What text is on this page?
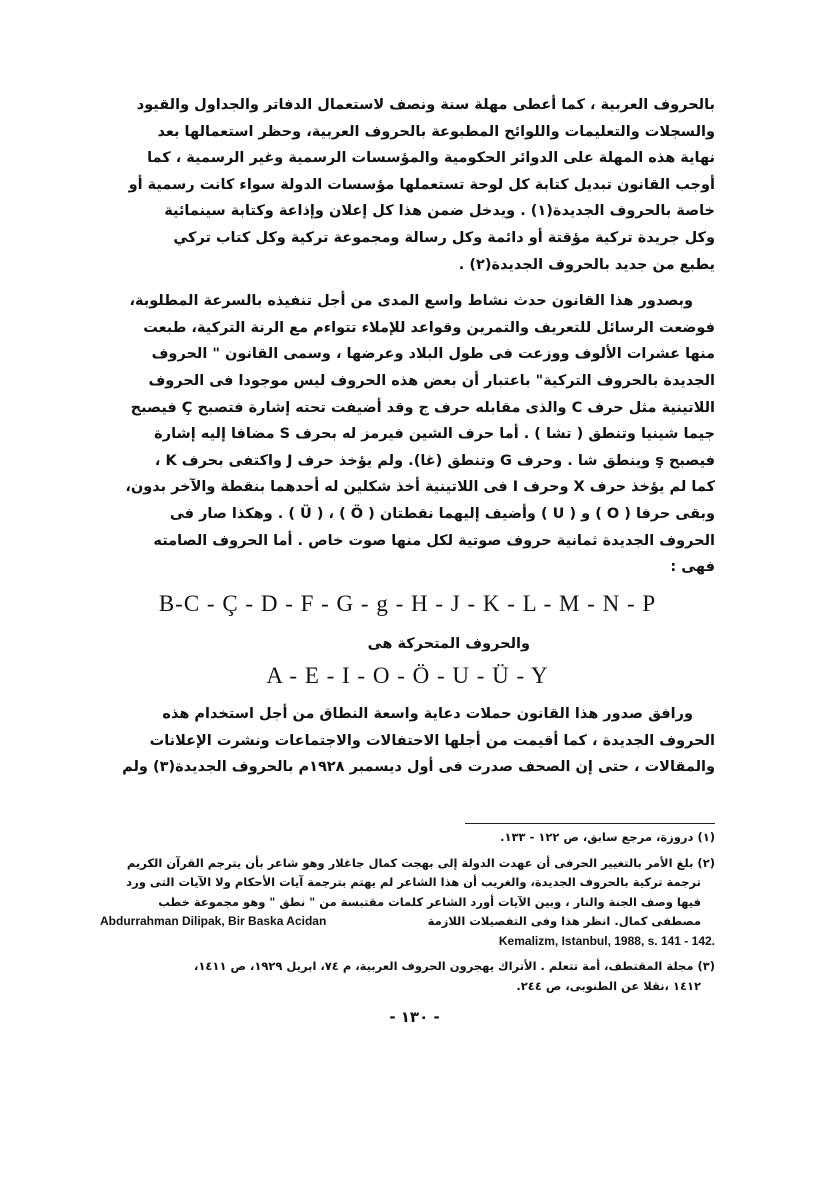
بالحروف العربية ، كما أعطى مهلة سنة ونصف لاستعمال الدفاتر والجداول والقيود
والسجلات والتعليمات واللوائح المطبوعة بالحروف العربية، وحظر استعمالها بعد
نهاية هذه المهلة على الدوائر الحكومية والمؤسسات الرسمية وغير الرسمية ، كما
أوجب القانون تبديل كتابة كل لوحة تستعملها مؤسسات الدولة سواء كانت رسمية أو
خاصة بالحروف الجديدة(١) . ويدخل ضمن هذا كل إعلان وإذاعة وكتابة سينمائية
وكل جريدة تركية مؤقتة أو دائمة وكل رسالة ومجموعة تركية وكل كتاب تركي
يطبع من جديد بالحروف الجديدة(٢) .
وبصدور هذا القانون حدث نشاط واسع المدى من أجل تنفيذه بالسرعة المطلوبة،
فوضعت الرسائل للتعريف والتمرين وقواعد للإملاء تتواءم مع الرنة التركية، طبعت
منها عشرات الألوف ووزعت فى طول البلاد وعرضها ، وسمى القانون " الحروف
الجديدة بالحروف التركية" باعتبار أن بعض هذه الحروف ليس موجودا فى الحروف
اللاتينية مثل حرف C والذى مقابله حرف ج وقد أضيفت تحته إشارة فتصبح Ç فيصبح
جيما شينيا وتنطق ( تشا ) . أما حرف الشين فيرمز له بحرف S مضافا إليه إشارة
فيصبح ş وينطق شا . وحرف G وتنطق (غا). ولم يؤخذ حرف J واكتفى بحرف K ،
كما لم يؤخذ حرف X وحرف I فى اللاتينية أخذ شكلين له أحدهما بنقطة والآخر بدون،
وبقى حرفا ( O ) و ( U ) وأضيف إليهما نقطتان ( Ö ) ، ( Ü ) . وهكذا صار فى
الحروف الجديدة ثمانية حروف صوتية لكل منها صوت خاص . أما الحروف الصامته
فهى :
B-C - Ç - D - F - G - g - H - J - K - L - M - N - P
والحروف المتحركة هى
A - E - I - O - Ö - U - Ü - Y
ورافق صدور هذا القانون حملات دعاية واسعة النطاق من أجل استخدام هذه
الحروف الجديدة ، كما أقيمت من أجلها الاحتفالات والاجتماعات ونشرت الإعلانات
والمقالات ، حتى إن الصحف صدرت فى أول ديسمبر ١٩٢٨م بالحروف الجديدة(٣) ولم
(١) دروزة، مرجع سابق، ص ١٢٢ - ١٣٣.
(٢) بلغ الأمر بالتغيير الحرفى أن عهدت الدولة إلى بهجت كمال جاغلار وهو شاعر بأن يترجم القرآن الكريم
ترجمة تركية بالحروف الجديدة، والغريب أن هذا الشاعر لم يهتم بترجمة آيات الأحكام ولا الآيات التى ورد
فيها وصف الجنة والنار ، وبين الآيات أورد الشاعر كلمات مقتبسة من " نطق " وهو مجموعة خطب
مصطفى كمال. انظر هذا وفى التفصيلات اللازمة
Abdurrahman Dilipak, Bir Baska Acidan
Kemalizm, Istanbul, 1988, s. 141 - 142.
(٣) مجلة المقتطف، أمة تتعلم . الأتراك يهجرون الحروف العربية، م ٧٤، ابريل ١٩٢٩، ص ١٤١١،
١٤١٢ ،نقلا عن الطنوبى، ص ٢٤٤.
- ١٣٠ -
